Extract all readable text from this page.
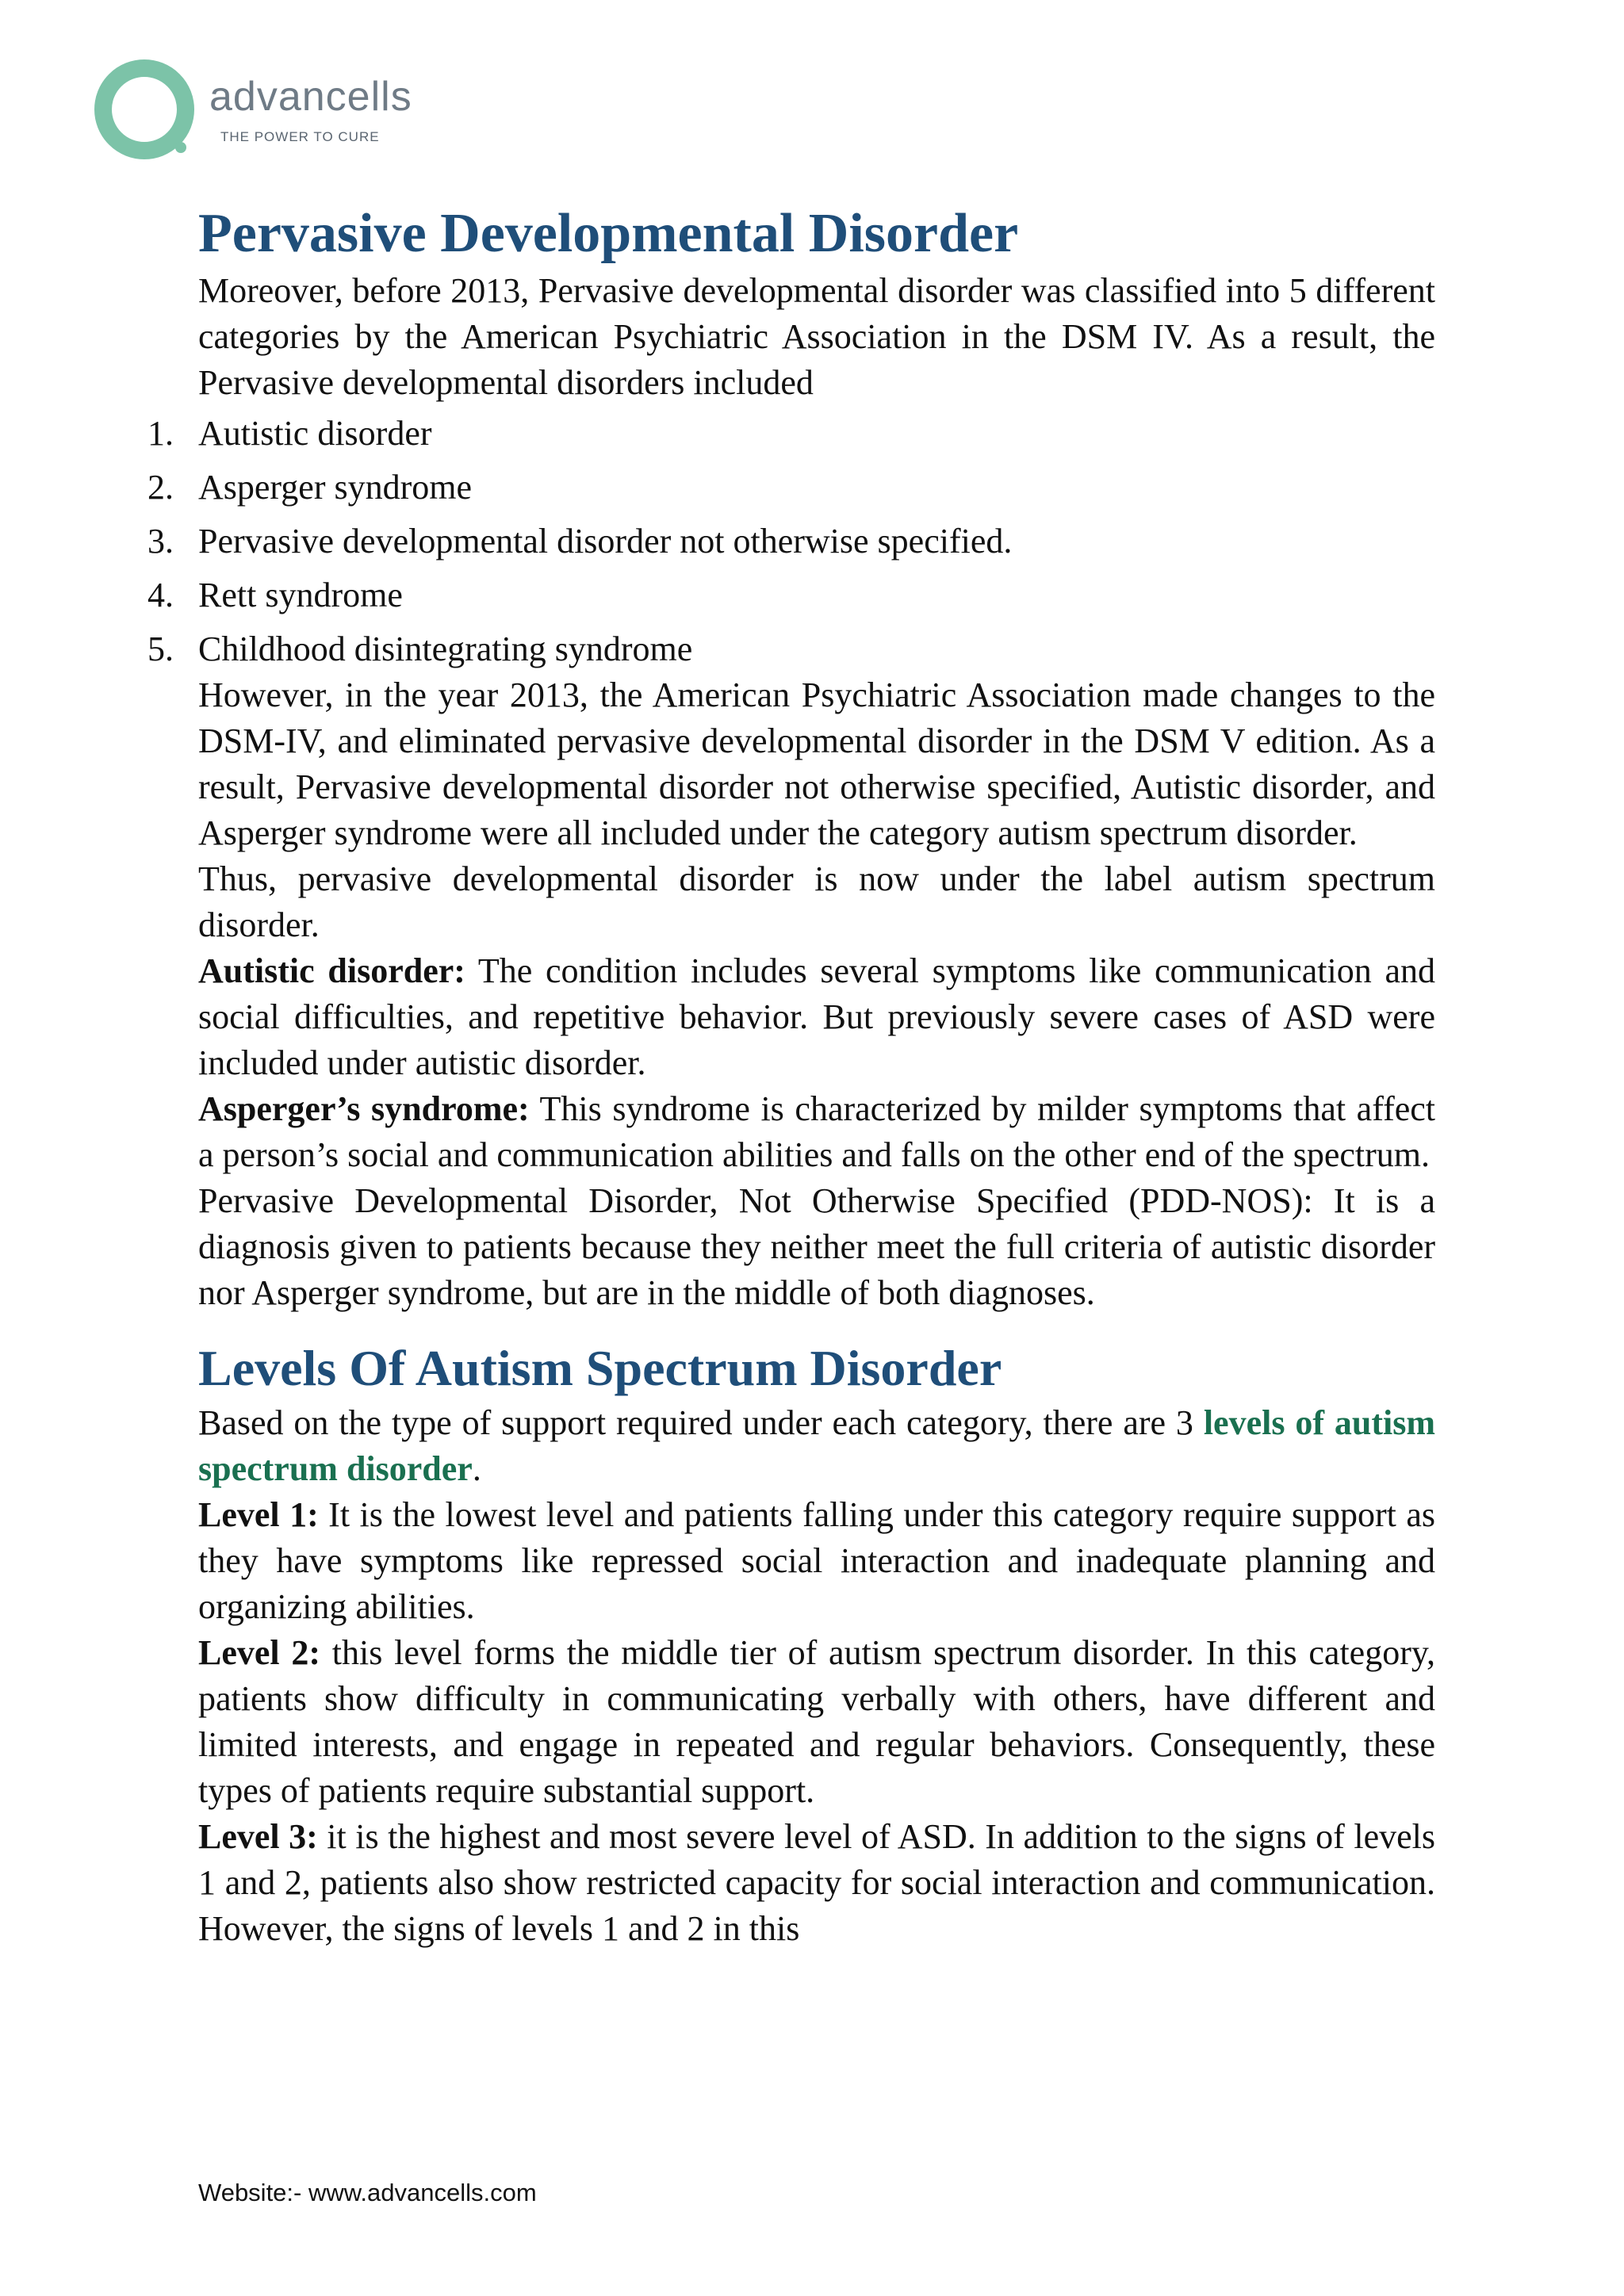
advancells
THE POWER TO CURE
Pervasive Developmental Disorder

Moreover, before 2013, Pervasive developmental disorder was classified into 5 different categories by the American Psychiatric Association in the DSM IV. As a result, the Pervasive developmental disorders included

1. Autistic disorder
2. Asperger syndrome
3. Pervasive developmental disorder not otherwise specified.
4. Rett syndrome
5. Childhood disintegrating syndrome

However, in the year 2013, the American Psychiatric Association made changes to the DSM-IV, and eliminated pervasive developmental disorder in the DSM V edition. As a result, Pervasive developmental disorder not otherwise specified, Autistic disorder, and Asperger syndrome were all included under the category autism spectrum disorder.

Thus, pervasive developmental disorder is now under the label autism spectrum disorder.

Autistic disorder: The condition includes several symptoms like communication and social difficulties, and repetitive behavior. But previously severe cases of ASD were included under autistic disorder.

Asperger’s syndrome: This syndrome is characterized by milder symptoms that affect a person’s social and communication abilities and falls on the other end of the spectrum.

Pervasive Developmental Disorder, Not Otherwise Specified (PDD-NOS): It is a diagnosis given to patients because they neither meet the full criteria of autistic disorder nor Asperger syndrome, but are in the middle of both diagnoses.

Levels Of Autism Spectrum Disorder

Based on the type of support required under each category, there are 3 levels of autism spectrum disorder.

Level 1: It is the lowest level and patients falling under this category require support as they have symptoms like repressed social interaction and inadequate planning and organizing abilities.

Level 2: this level forms the middle tier of autism spectrum disorder. In this category, patients show difficulty in communicating verbally with others, have different and limited interests, and engage in repeated and regular behaviors. Consequently, these types of patients require substantial support.

Level 3: it is the highest and most severe level of ASD. In addition to the signs of levels 1 and 2, patients also show restricted capacity for social interaction and communication. However, the signs of levels 1 and 2 in this

Website:- www.advancells.com
